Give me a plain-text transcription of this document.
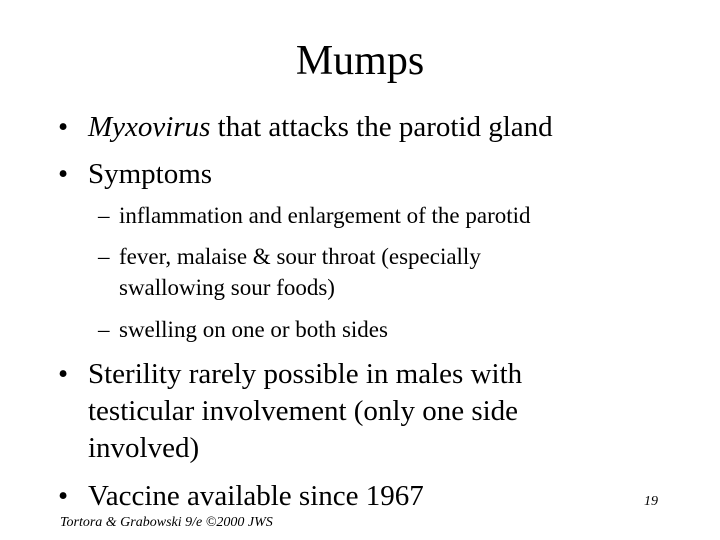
Mumps
• Myxovirus that attacks the parotid gland
• Symptoms
– inflammation and enlargement of the parotid
– fever, malaise & sour throat (especially
swallowing sour foods)
– swelling on one or both sides
• Sterility rarely possible in males with
testicular involvement (only one side
involved)
• Vaccine available since 1967	19
Tortora & Grabowski 9/e ©2000 JWS
